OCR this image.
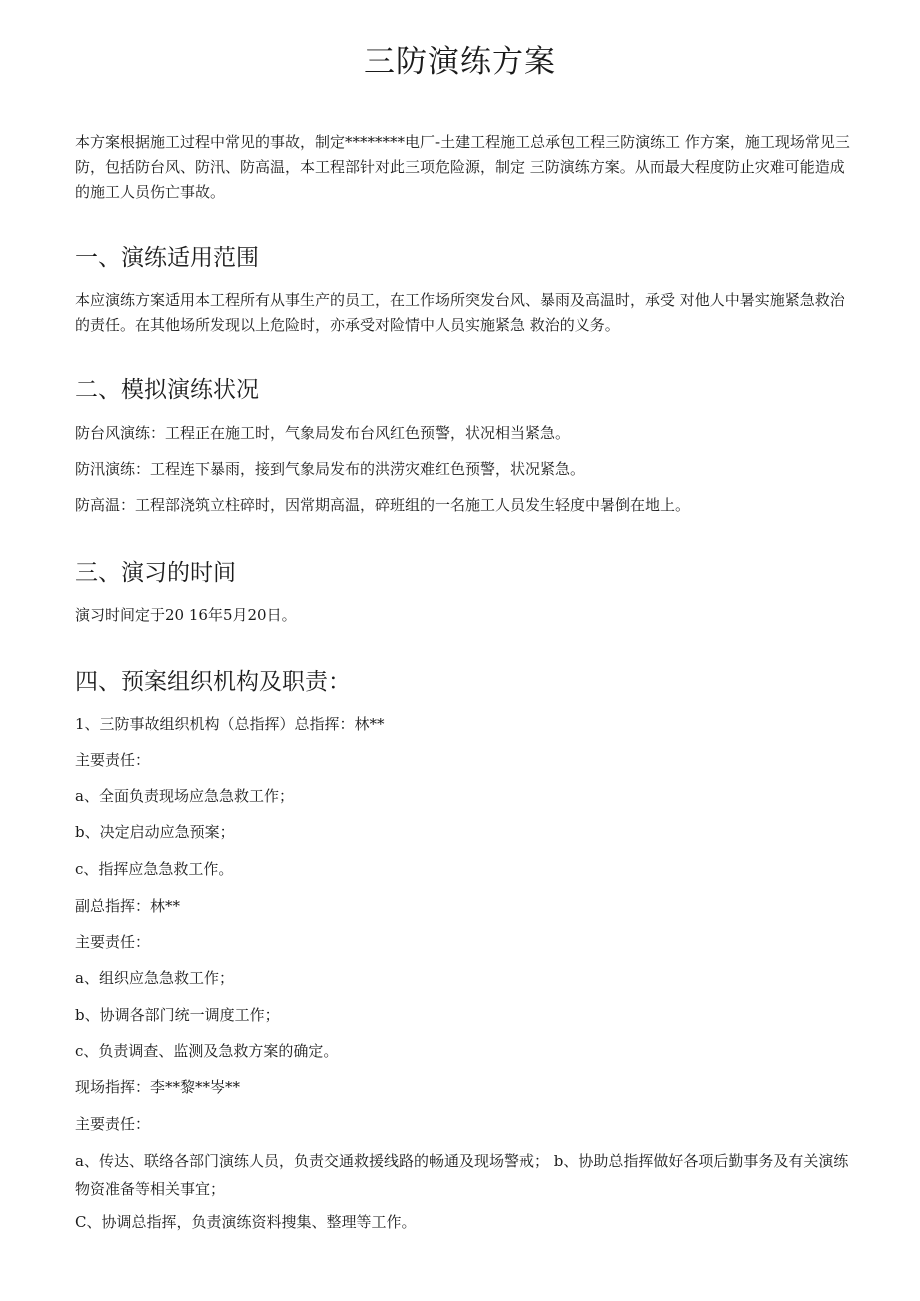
三防演练方案

本方案根据施工过程中常见的事故，制定********电厂-土建工程施工总承包工程三防演练工 作方案，施工现场常见三防，包括防台风、防汛、防高温，本工程部针对此三项危险源，制定 三防演练方案。从而最大程度防止灾难可能造成的施工人员伤亡事故。

一、演练适用范围

本应演练方案适用本工程所有从事生产的员工，在工作场所突发台风、暴雨及高温时，承受 对他人中暑实施紧急救治的责任。在其他场所发现以上危险时，亦承受对险情中人员实施紧急 救治的义务。

二、模拟演练状况

防台风演练：工程正在施工时，气象局发布台风红色预警，状况相当紧急。

防汛演练：工程连下暴雨，接到气象局发布的洪涝灾难红色预警，状况紧急。

防高温：工程部浇筑立柱碎时，因常期高温，碎班组的一名施工人员发生轻度中暑倒在地上。

三、演习的时间

演习时间定于20 16年5月20日。

四、预案组织机构及职责：

1、三防事故组织机构（总指挥）总指挥：林**

主要责任：

a、全面负责现场应急急救工作；

b、决定启动应急预案；

c、指挥应急急救工作。

副总指挥：林**

主要责任：

a、组织应急急救工作；

b、协调各部门统一调度工作；

c、负责调查、监测及急救方案的确定。

现场指挥：李**黎**岑**

主要责任：

a、传达、联络各部门演练人员，负责交通救援线路的畅通及现场警戒； b、协助总指挥做好各项后勤事务及有关演练物资准备等相关事宜；

C、协调总指挥，负责演练资料搜集、整理等工作。
